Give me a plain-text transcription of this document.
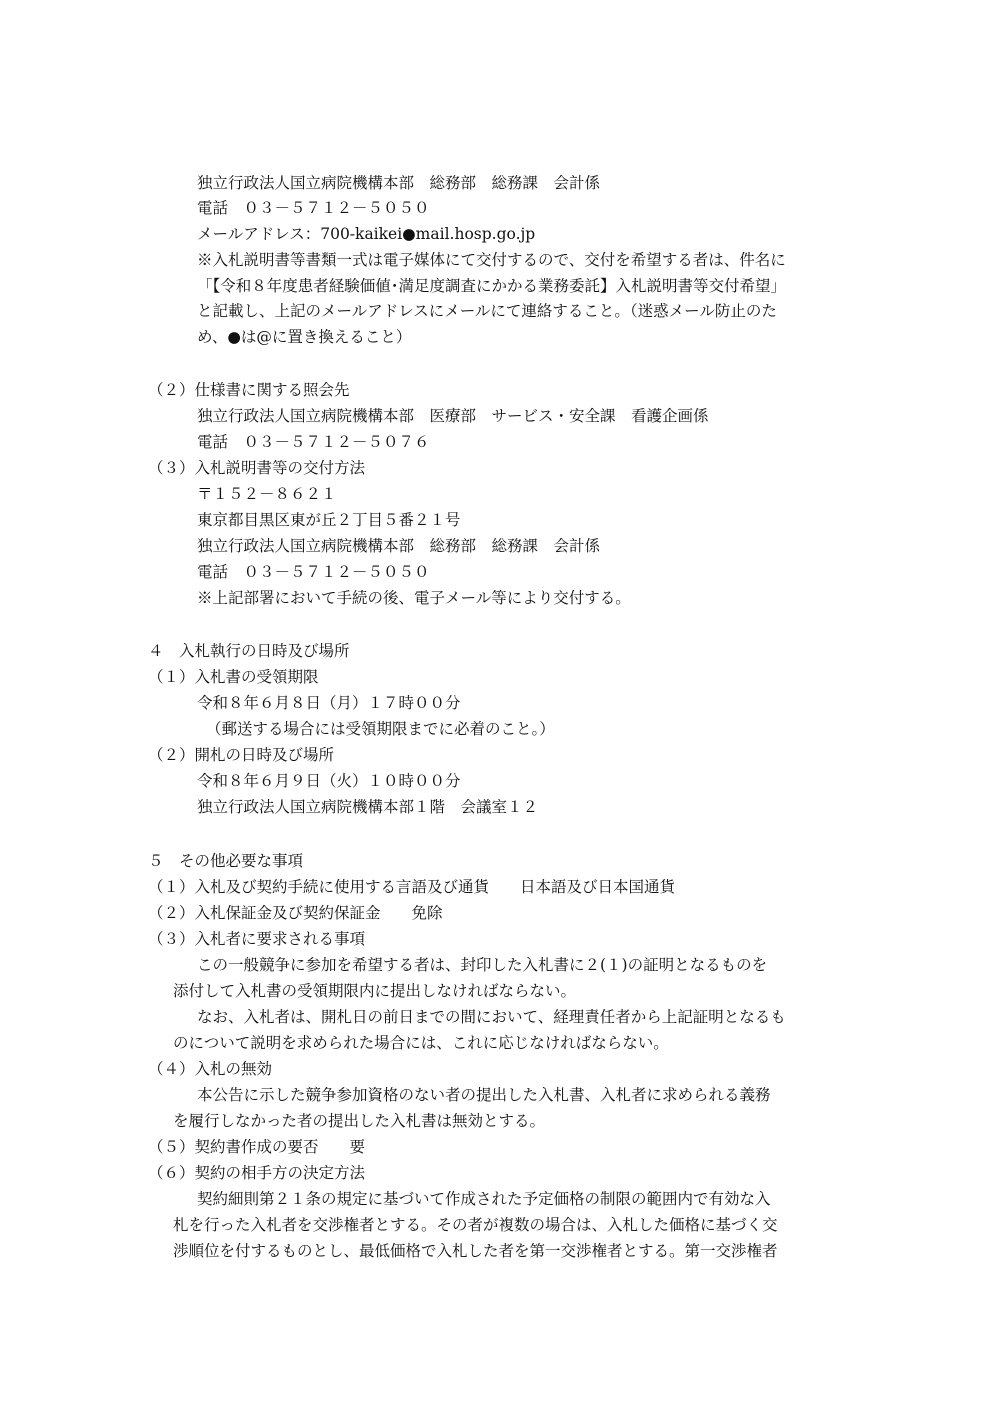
独立行政法人国立病院機構本部　総務部　総務課　会計係
電話　０３－５７１２－５０５０
メールアドレス：700-kaikei●mail.hosp.go.jp
※入札説明書等書類一式は電子媒体にて交付するので、交付を希望する者は、件名に
「【令和８年度患者経験価値･満足度調査にかかる業務委託】入札説明書等交付希望」
と記載し、上記のメールアドレスにメールにて連絡すること。（迷惑メール防止のた
め、●は@に置き換えること）
（２）仕様書に関する照会先
独立行政法人国立病院機構本部　医療部　サービス・安全課　看護企画係
電話　０３－５７１２－５０７６
（３）入札説明書等の交付方法
〒１５２－８６２１
東京都目黒区東が丘２丁目５番２１号
独立行政法人国立病院機構本部　総務部　総務課　会計係
電話　０３－５７１２－５０５０
※上記部署において手続の後、電子メール等により交付する。
４　入札執行の日時及び場所
（１）入札書の受領期限
令和８年６月８日（月）１７時００分
（郵送する場合には受領期限までに必着のこと。）
（２）開札の日時及び場所
令和８年６月９日（火）１０時００分
独立行政法人国立病院機構本部１階　会議室１２
５　その他必要な事項
（１）入札及び契約手続に使用する言語及び通貨　　日本語及び日本国通貨
（２）入札保証金及び契約保証金　　免除
（３）入札者に要求される事項
この一般競争に参加を希望する者は、封印した入札書に２(１)の証明となるものを
添付して入札書の受領期限内に提出しなければならない。
なお、入札者は、開札日の前日までの間において、経理責任者から上記証明となるも
のについて説明を求められた場合には、これに応じなければならない。
（４）入札の無効
本公告に示した競争参加資格のない者の提出した入札書、入札者に求められる義務
を履行しなかった者の提出した入札書は無効とする。
（５）契約書作成の要否　　要
（６）契約の相手方の決定方法
契約細則第２１条の規定に基づいて作成された予定価格の制限の範囲内で有効な入
札を行った入札者を交渉権者とする。その者が複数の場合は、入札した価格に基づく交
渉順位を付するものとし、最低価格で入札した者を第一交渉権者とする。第一交渉権者
